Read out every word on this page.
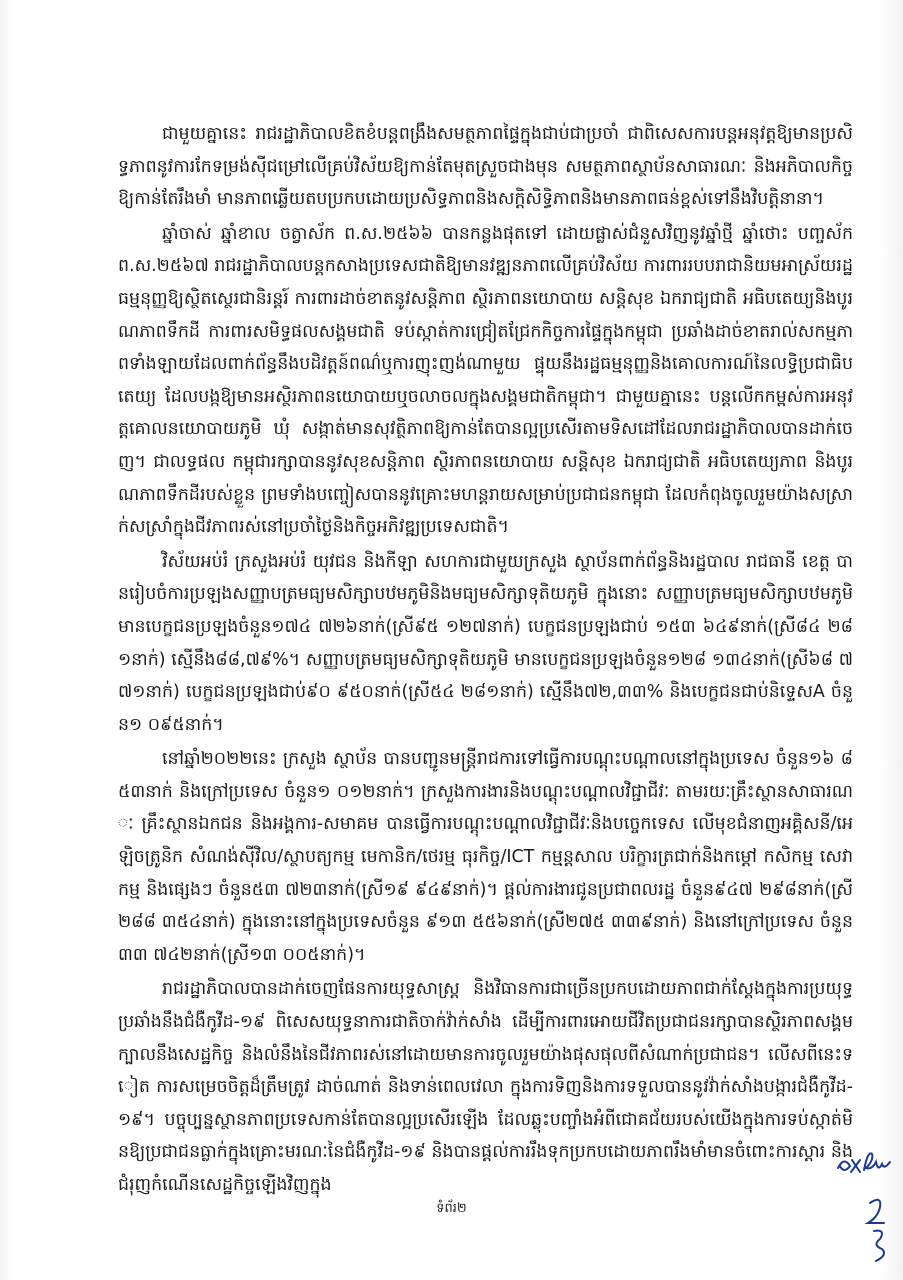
ជាមួយគ្នានេះ រាជរដ្ឋាភិបាលខិតខំបន្តពង្រឹងសមត្ថភាពផ្ទៃក្នុងជាប់ជាប្រចាំ ជាពិសេសការបន្តអនុវត្តឱ្យមានប្រសិទ្ធភាពនូវការកែទម្រង់ស៊ីជម្រៅលើគ្រប់វិស័យឱ្យកាន់តែមុតស្រួចជាងមុន សមត្ថភាពស្ថាប័នសាធារណៈ និងអភិបាលកិច្ចឱ្យកាន់តែរឹងមាំ មានភាពឆ្លើយតបប្រកបដោយប្រសិទ្ធភាពនិងសក្តិសិទ្ធិភាពនិងមានភាពធន់ខ្ពស់ទៅនឹងវិបត្តិនានា។

ឆ្នាំចាស់ ឆ្នាំខាល ចត្វាស័ក ព.ស.២៥៦៦ បានកន្លងផុតទៅ ដោយផ្លាស់ជំនួសវិញនូវឆ្នាំថ្មី ឆ្នាំថោះ បញ្ចស័ក ព.ស.២៥៦៧ រាជរដ្ឋាភិបាលបន្តកសាងប្រទេសជាតិឱ្យមានវឌ្ឍនភាពលើគ្រប់វិស័យ ការពាររបបរាជានិយមអាស្រ័យរដ្ឋធម្មនុញ្ញឱ្យស្ថិតស្ថេរជានិរន្តរ៍ ការពារដាច់ខាតនូវសន្តិភាព ស្ថិរភាពនយោបាយ សន្តិសុខ ឯករាជ្យជាតិ អធិបតេយ្យនិងបូរណភាពទឹកដី ការពារសមិទ្ធផលសង្គមជាតិ ទប់ស្កាត់ការជ្រៀតជ្រែកកិច្ចការផ្ទៃក្នុងកម្ពុជា ប្រឆាំងដាច់ខាតរាល់សកម្មភាពទាំងឡាយដែលពាក់ព័ន្ធនឹងបដិវត្តន៍ពណ៌ឬការញុះញង់ណាមួយ ផ្ទុយនឹងរដ្ឋធម្មនុញ្ញនិងគោលការណ៍នៃលទ្ធិប្រជាធិបតេយ្យ ដែលបង្កឱ្យមានអស្ថិរភាពនយោបាយឬចលាចលក្នុងសង្គមជាតិកម្ពុជា។ ជាមួយគ្នានេះ បន្តលើកកម្ពស់ការអនុវត្តគោលនយោបាយភូមិ ឃុំ សង្កាត់មានសុវត្ថិភាពឱ្យកាន់តែបានល្អប្រសើរតាមទិសដៅដែលរាជរដ្ឋាភិបាលបានដាក់ចេញ។ ជាលទ្ធផល កម្ពុជារក្សាបាននូវសុខសន្តិភាព ស្ថិរភាពនយោបាយ សន្តិសុខ ឯករាជ្យជាតិ អធិបតេយ្យភាព និងបូរណភាពទឹកដីរបស់ខ្លួន ព្រមទាំងបញ្ចៀសបាននូវគ្រោះមហន្តរាយសម្រាប់ប្រជាជនកម្ពុជា ដែលកំពុងចូលរួមយ៉ាងសស្រាក់សស្រាំក្នុងជីវភាពរស់នៅប្រចាំថ្ងៃនិងកិច្ចអភិវឌ្ឍប្រទេសជាតិ។

វិស័យអប់រំ ក្រសួងអប់រំ យុវជន និងកីឡា សហការជាមួយក្រសួង ស្ថាប័នពាក់ព័ន្ធនិងរដ្ឋបាល រាជធានី ខេត្ត បានរៀបចំការប្រឡងសញ្ញាបត្រមធ្យមសិក្សាបឋមភូមិនិងមធ្យមសិក្សាទុតិយភូមិ ក្នុងនោះ សញ្ញាបត្រមធ្យមសិក្សាបឋមភូមិមានបេក្ខជនប្រឡងចំនួន១៧៤ ៧២៦នាក់(ស្រី៩៥ ១២៧នាក់) បេក្ខជនប្រឡងជាប់ ១៥៣ ៦៤៩នាក់(ស្រី៨៤ ២៨១នាក់) ស្មើនឹង៨៨,៧៩%។ សញ្ញាបត្រមធ្យមសិក្សាទុតិយភូមិ មានបេក្ខជនប្រឡងចំនួន១២៨ ១៣៤នាក់(ស្រី៦៨ ៧៧១នាក់) បេក្ខជនប្រឡងជាប់៩០ ៩៥០នាក់(ស្រី៥៤ ២៨១នាក់) ស្មើនឹង៧២,៣៣% និងបេក្ខជនជាប់និទ្ទេសA ចំនួន១ ០៩៥នាក់។

នៅឆ្នាំ២០២២នេះ ក្រសួង ស្ថាប័ន បានបញ្ជូនមន្ត្រីរាជការទៅធ្វើការបណ្តុះបណ្តាលនៅក្នុងប្រទេស ចំនួន១៦ ៨៥៣នាក់ និងក្រៅប្រទេស ចំនួន១ ០១២នាក់។ ក្រសួងការងារនិងបណ្តុះបណ្តាលវិជ្ជាជីវៈ តាមរយៈគ្រឹះស្ថានសាធារណៈ គ្រឹះស្ថានឯកជន និងអង្គការ-សមាគម បានធ្វើការបណ្តុះបណ្តាលវិជ្ជាជីវៈនិងបច្ចេកទេស លើមុខជំនាញអគ្គិសនី/អេឡិចត្រូនិក សំណង់ស៊ីវិល/ស្ថាបត្យកម្ម មេកានិក/ថេរម្ម ធុរកិច្ច/ICT កម្មន្តសាល បរិក្ខារត្រជាក់និងកម្តៅ កសិកម្ម សេវាកម្ម និងផ្សេងៗ ចំនួន៥៣ ៧២៣នាក់(ស្រី១៩ ៩៤៩នាក់)។ ផ្តល់ការងារជូនប្រជាពលរដ្ឋ ចំនួន៩៤៧ ២៩៨នាក់(ស្រី២៨៨ ៣៥៤នាក់) ក្នុងនោះនៅក្នុងប្រទេសចំនួន ៩១៣ ៥៥៦នាក់(ស្រី២៧៥ ៣៣៩នាក់) និងនៅក្រៅប្រទេស ចំនួន៣៣ ៧៤២នាក់(ស្រី១៣ ០០៥នាក់)។

រាជរដ្ឋាភិបាលបានដាក់ចេញផែនការយុទ្ធសាស្ត្រ និងវិធានការជាច្រើនប្រកបដោយភាពជាក់ស្តែងក្នុងការប្រយុទ្ធប្រឆាំងនឹងជំងឺកូវីដ-១៩ ពិសេសយុទ្ធនាការជាតិចាក់វ៉ាក់សាំង ដើម្បីការពារអោយជីវិតប្រជាជនរក្សាបានស្ថិរភាពសង្គម ក្បាលនឹងសេដ្ឋកិច្ច និងលំនឹងនៃជីវភាពរស់នៅដោយមានការចូលរួមយ៉ាងផុសផុលពីសំណាក់ប្រជាជន។ លើសពីនេះទៀត ការសម្រេចចិត្តដ៏ត្រឹមត្រូវ ដាច់ណាត់ និងទាន់ពេលវេលា ក្នុងការទិញនិងការទទួលបាននូវវ៉ាក់សាំងបង្ការជំងឺកូវីដ-១៩។ បច្ចុប្បន្នស្ថានភាពប្រទេសកាន់តែបានល្អប្រសើរឡើង ដែលឆ្លុះបញ្ចាំងអំពីជោគជ័យរបស់យើងក្នុងការទប់ស្កាត់មិនឱ្យប្រជាជនធ្លាក់ក្នុងគ្រោះមរណៈនៃជំងឺកូវីដ-១៩ និងបានផ្តល់ការរឹងទុកប្រកបដោយភាពរឹងមាំមានចំពោះការស្តារ និងជំរុញកំណើនសេដ្ឋកិច្ចឡើងវិញក្នុង

ទំព័រ២
